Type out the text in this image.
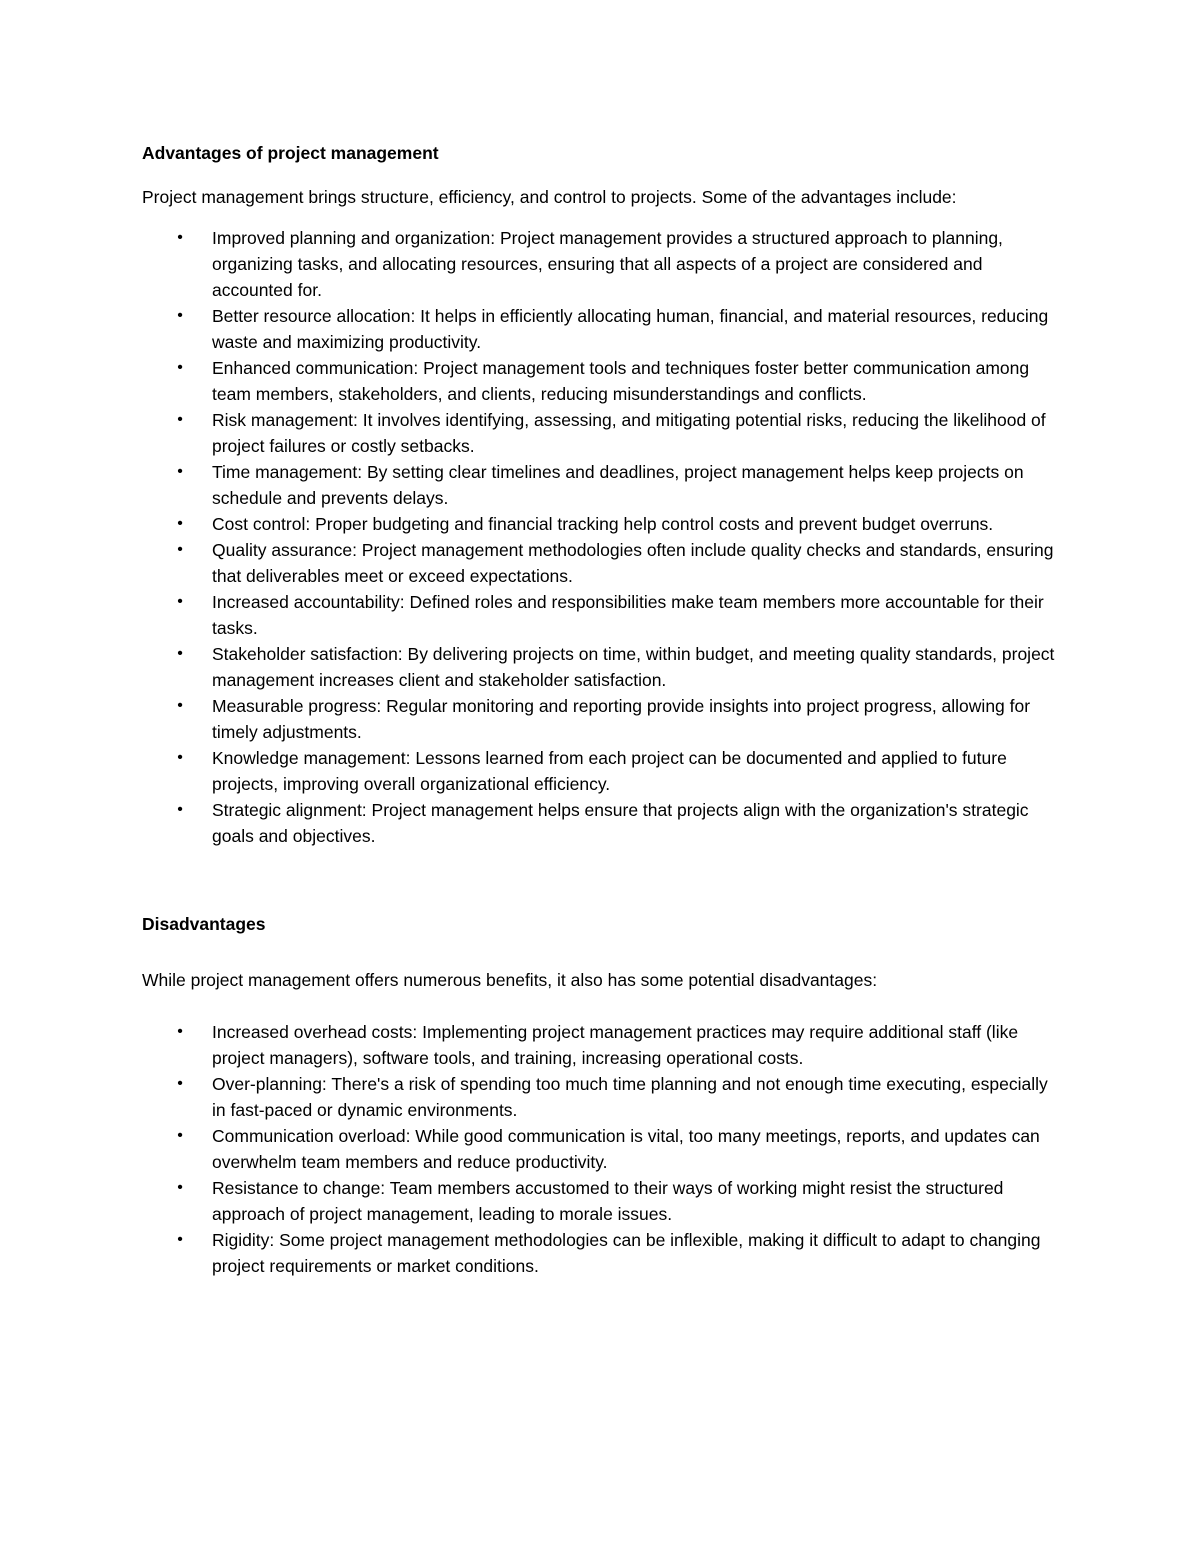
Advantages of project management

Project management brings structure, efficiency, and control to projects. Some of the advantages include:

• Improved planning and organization: Project management provides a structured approach to planning, organizing tasks, and allocating resources, ensuring that all aspects of a project are considered and accounted for.
• Better resource allocation: It helps in efficiently allocating human, financial, and material resources, reducing waste and maximizing productivity.
• Enhanced communication: Project management tools and techniques foster better communication among team members, stakeholders, and clients, reducing misunderstandings and conflicts.
• Risk management: It involves identifying, assessing, and mitigating potential risks, reducing the likelihood of project failures or costly setbacks.
• Time management: By setting clear timelines and deadlines, project management helps keep projects on schedule and prevents delays.
• Cost control: Proper budgeting and financial tracking help control costs and prevent budget overruns.
• Quality assurance: Project management methodologies often include quality checks and standards, ensuring that deliverables meet or exceed expectations.
• Increased accountability: Defined roles and responsibilities make team members more accountable for their tasks.
• Stakeholder satisfaction: By delivering projects on time, within budget, and meeting quality standards, project management increases client and stakeholder satisfaction.
• Measurable progress: Regular monitoring and reporting provide insights into project progress, allowing for timely adjustments.
• Knowledge management: Lessons learned from each project can be documented and applied to future projects, improving overall organizational efficiency.
• Strategic alignment: Project management helps ensure that projects align with the organization's strategic goals and objectives.
Disadvantages

While project management offers numerous benefits, it also has some potential disadvantages:

• Increased overhead costs: Implementing project management practices may require additional staff (like project managers), software tools, and training, increasing operational costs.
• Over-planning: There's a risk of spending too much time planning and not enough time executing, especially in fast-paced or dynamic environments.
• Communication overload: While good communication is vital, too many meetings, reports, and updates can overwhelm team members and reduce productivity.
• Resistance to change: Team members accustomed to their ways of working might resist the structured approach of project management, leading to morale issues.
• Rigidity: Some project management methodologies can be inflexible, making it difficult to adapt to changing project requirements or market conditions.
